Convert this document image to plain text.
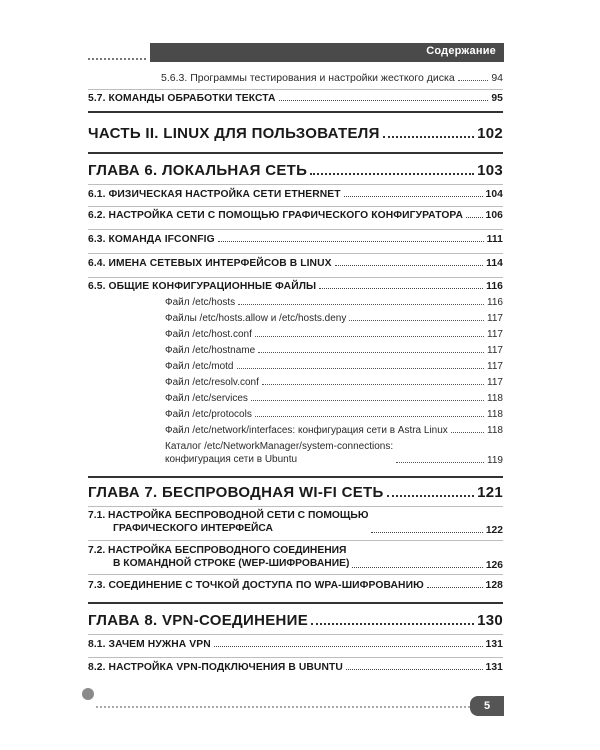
Содержание
5.6.3. Программы тестирования и настройки жесткого диска	94
5.7. КОМАНДЫ ОБРАБОТКИ ТЕКСТА	95
ЧАСТЬ II. LINUX ДЛЯ ПОЛЬЗОВАТЕЛЯ	102
ГЛАВА 6. ЛОКАЛЬНАЯ СЕТЬ	103
6.1. ФИЗИЧЕСКАЯ НАСТРОЙКА СЕТИ ETHERNET	104
6.2. НАСТРОЙКА СЕТИ С ПОМОЩЬЮ ГРАФИЧЕСКОГО КОНФИГУРАТОРА 106
6.3. КОМАНДА IFCONFIG	111
6.4. ИМЕНА СЕТЕВЫХ ИНТЕРФЕЙСОВ В LINUX	114
6.5. ОБЩИЕ КОНФИГУРАЦИОННЫЕ ФАЙЛЫ	116
Файл /etc/hosts	116
Файлы /etc/hosts.allow и /etc/hosts.deny	117
Файл /etc/host.conf	117
Файл /etc/hostname	117
Файл /etc/motd	117
Файл /etc/resolv.conf	117
Файл /etc/services	118
Файл /etc/protocols	118
Файл /etc/network/interfaces: конфигурация сети в Astra Linux	118
Каталог /etc/NetworkManager/system-connections:
конфигурация сети в Ubuntu	119
ГЛАВА 7. БЕСПРОВОДНАЯ WI-FI СЕТЬ	121
7.1. НАСТРОЙКА БЕСПРОВОДНОЙ СЕТИ С ПОМОЩЬЮ
ГРАФИЧЕСКОГО ИНТЕРФЕЙСА	122
7.2. НАСТРОЙКА БЕСПРОВОДНОГО СОЕДИНЕНИЯ
В КОМАНДНОЙ СТРОКЕ (WEP-ШИФРОВАНИЕ)	126
7.3. СОЕДИНЕНИЕ С ТОЧКОЙ ДОСТУПА ПО WPA-ШИФРОВАНИЮ	128
ГЛАВА 8. VPN-СОЕДИНЕНИЕ	130
8.1. ЗАЧЕМ НУЖНА VPN	131
8.2. НАСТРОЙКА VPN-ПОДКЛЮЧЕНИЯ В UBUNTU	131
5
